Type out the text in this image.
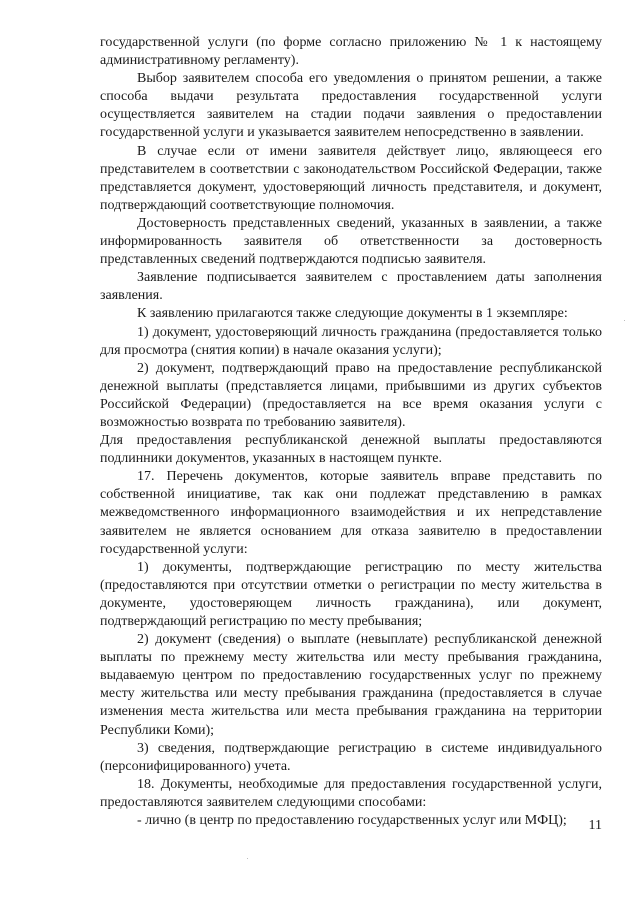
государственной услуги (по форме согласно приложению № 1 к настоящему административному регламенту).

Выбор заявителем способа его уведомления о принятом решении, а также способа выдачи результата предоставления государственной услуги осуществляется заявителем на стадии подачи заявления о предоставлении государственной услуги и указывается заявителем непосредственно в заявлении.

В случае если от имени заявителя действует лицо, являющееся его представителем в соответствии с законодательством Российской Федерации, также представляется документ, удостоверяющий личность представителя, и документ, подтверждающий соответствующие полномочия.

Достоверность представленных сведений, указанных в заявлении, а также информированность заявителя об ответственности за достоверность представленных сведений подтверждаются подписью заявителя.

Заявление подписывается заявителем с проставлением даты заполнения заявления.

К заявлению прилагаются также следующие документы в 1 экземпляре:

1) документ, удостоверяющий личность гражданина (предоставляется только для просмотра (снятия копии) в начале оказания услуги);

2) документ, подтверждающий право на предоставление республиканской денежной выплаты (представляется лицами, прибывшими из других субъектов Российской Федерации) (предоставляется на все время оказания услуги с возможностью возврата по требованию заявителя).

Для предоставления республиканской денежной выплаты предоставляются подлинники документов, указанных в настоящем пункте.

17. Перечень документов, которые заявитель вправе представить по собственной инициативе, так как они подлежат представлению в рамках межведомственного информационного взаимодействия и их непредставление заявителем не является основанием для отказа заявителю в предоставлении государственной услуги:

1) документы, подтверждающие регистрацию по месту жительства (предоставляются при отсутствии отметки о регистрации по месту жительства в документе, удостоверяющем личность гражданина), или документ, подтверждающий регистрацию по месту пребывания;

2) документ (сведения) о выплате (невыплате) республиканской денежной выплаты по прежнему месту жительства или месту пребывания гражданина, выдаваемую центром по предоставлению государственных услуг по прежнему месту жительства или месту пребывания гражданина (предоставляется в случае изменения места жительства или места пребывания гражданина на территории Республики Коми);

3) сведения, подтверждающие регистрацию в системе индивидуального (персонифицированного) учета.

18. Документы, необходимые для предоставления государственной услуги, предоставляются заявителем следующими способами:

- лично (в центр по предоставлению государственных услуг или МФЦ);	11
